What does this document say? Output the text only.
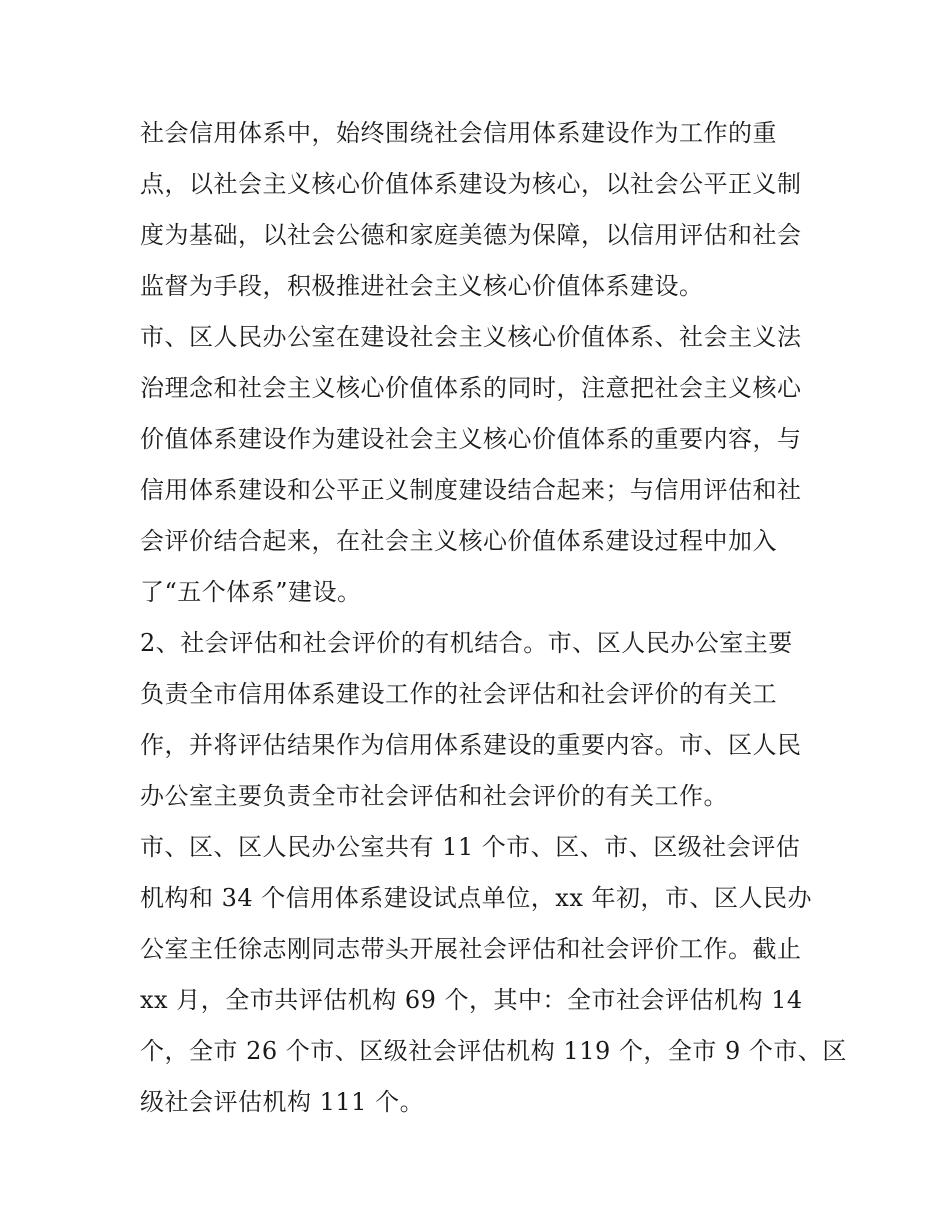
社会信用体系中，始终围绕社会信用体系建设作为工作的重
点，以社会主义核心价值体系建设为核心，以社会公平正义制
度为基础，以社会公德和家庭美德为保障，以信用评估和社会
监督为手段，积极推进社会主义核心价值体系建设。
市、区人民办公室在建设社会主义核心价值体系、社会主义法
治理念和社会主义核心价值体系的同时，注意把社会主义核心
价值体系建设作为建设社会主义核心价值体系的重要内容，与
信用体系建设和公平正义制度建设结合起来；与信用评估和社
会评价结合起来，在社会主义核心价值体系建设过程中加入
了“五个体系”建设。
2、社会评估和社会评价的有机结合。市、区人民办公室主要
负责全市信用体系建设工作的社会评估和社会评价的有关工
作，并将评估结果作为信用体系建设的重要内容。市、区人民
办公室主要负责全市社会评估和社会评价的有关工作。
市、区、区人民办公室共有 11 个市、区、市、区级社会评估
机构和 34 个信用体系建设试点单位，xx 年初，市、区人民办
公室主任徐志刚同志带头开展社会评估和社会评价工作。截止
xx 月，全市共评估机构 69 个，其中：全市社会评估机构 14
个，全市 26 个市、区级社会评估机构 119 个，全市 9 个市、区
级社会评估机构 111 个。
